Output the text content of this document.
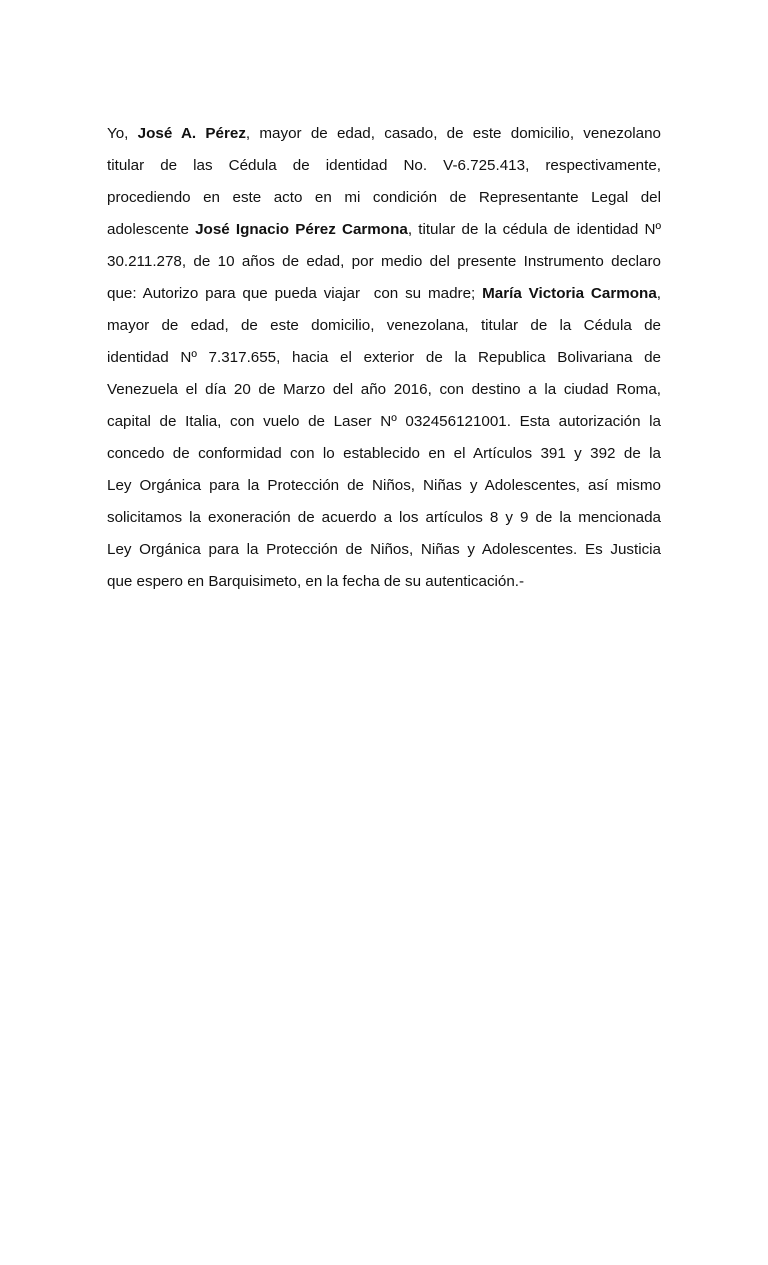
Yo, José A. Pérez, mayor de edad, casado, de este domicilio, venezolano
titular de las Cédula de identidad No. V-6.725.413, respectivamente,
procediendo en este acto en mi condición de Representante Legal del
adolescente José Ignacio Pérez Carmona, titular de la cédula de identidad Nº
30.211.278, de 10 años de edad, por medio del presente Instrumento declaro
que: Autorizo para que pueda viajar  con su madre; María Victoria Carmona,
mayor de edad, de este domicilio, venezolana, titular de la Cédula de
identidad Nº 7.317.655, hacia el exterior de la Republica Bolivariana de
Venezuela el día 20 de Marzo del año 2016, con destino a la ciudad Roma,
capital de Italia, con vuelo de Laser Nº 032456121001. Esta autorización la
concedo de conformidad con lo establecido en el Artículos 391 y 392 de la
Ley Orgánica para la Protección de Niños, Niñas y Adolescentes, así mismo
solicitamos la exoneración de acuerdo a los artículos 8 y 9 de la mencionada
Ley Orgánica para la Protección de Niños, Niñas y Adolescentes. Es Justicia
que espero en Barquisimeto, en la fecha de su autenticación.-
